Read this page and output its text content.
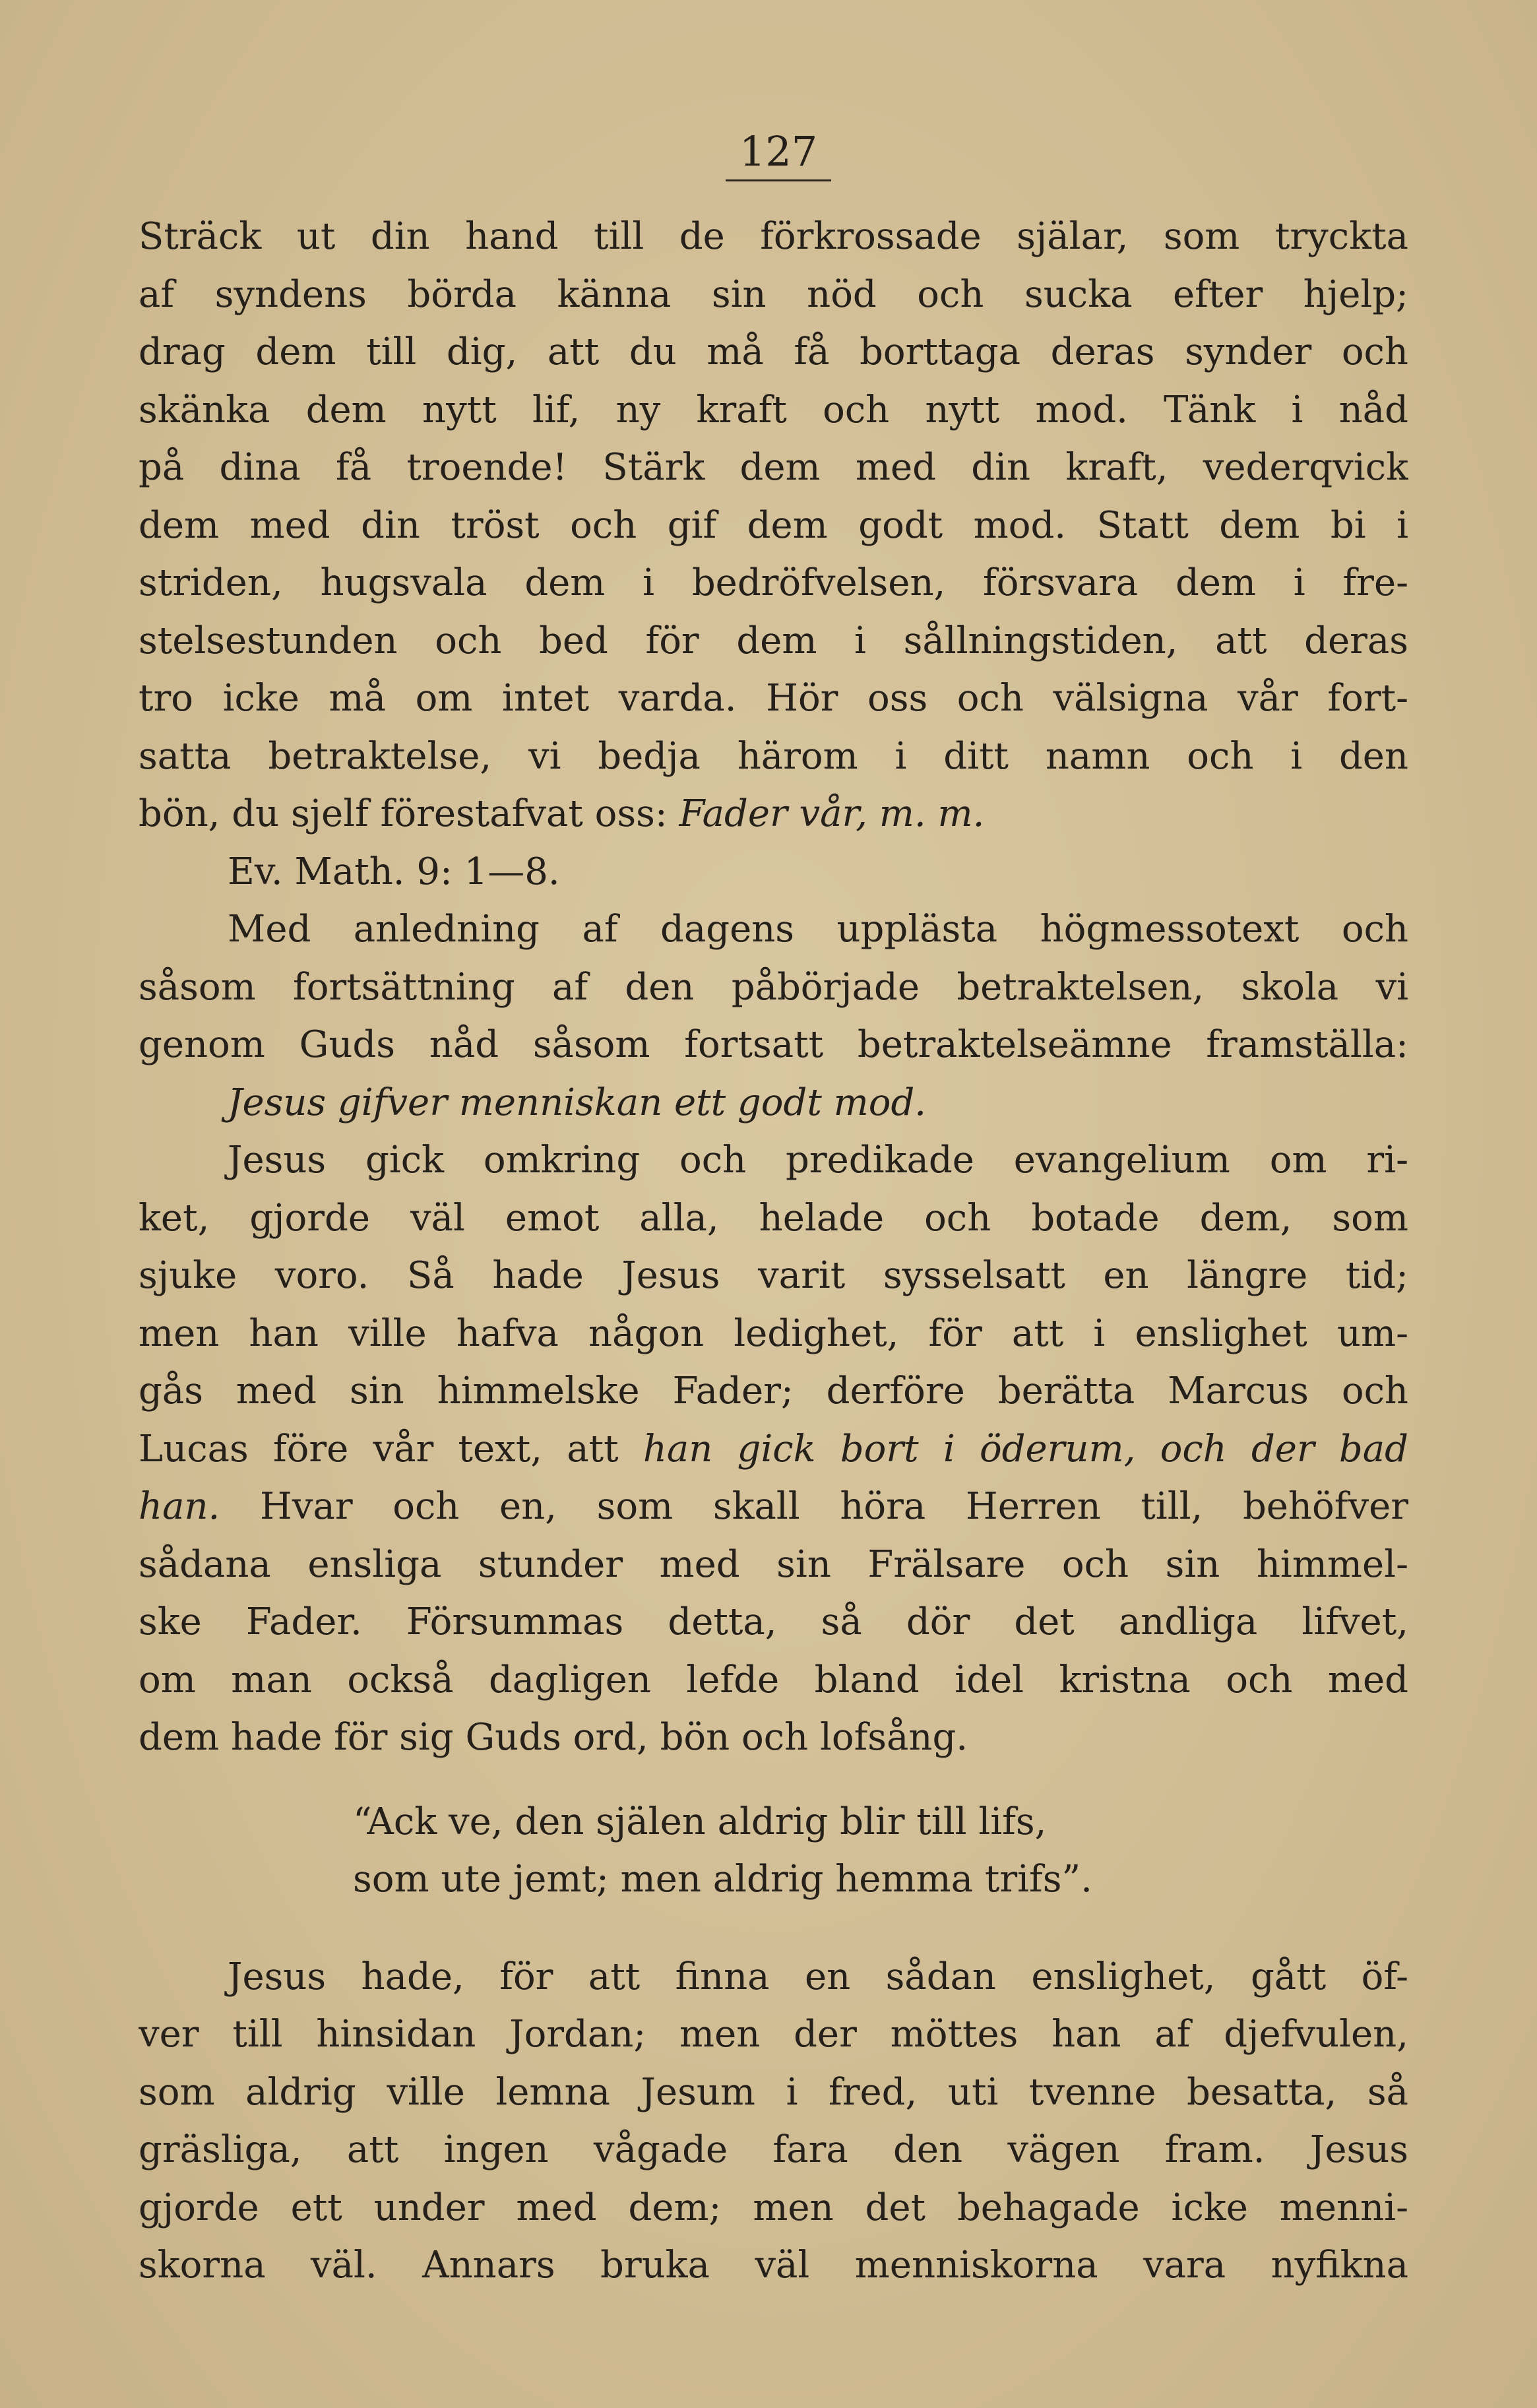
127
Sträck ut din hand till de förkrossade själar, som tryckta
af syndens börda känna sin nöd och sucka efter hjelp;
drag dem till dig, att du må få borttaga deras synder och
skänka dem nytt lif, ny kraft och nytt mod. Tänk i nåd
på dina få troende! Stärk dem med din kraft, vederqvick
dem med din tröst och gif dem godt mod. Statt dem bi i
striden, hugsvala dem i bedröfvelsen, försvara dem i fre-
stelsestunden och bed för dem i sållningstiden, att deras
tro icke må om intet varda. Hör oss och välsigna vår fort-
satta betraktelse, vi bedja härom i ditt namn och i den
bön, du sjelf förestafvat oss: Fader vår, m. m.
Ev. Math. 9: 1—8.
Med anledning af dagens upplästa högmessotext och
såsom fortsättning af den påbörjade betraktelsen, skola vi
genom Guds nåd såsom fortsatt betraktelseämne framställa:
Jesus gifver menniskan ett godt mod.
Jesus gick omkring och predikade evangelium om ri-
ket, gjorde väl emot alla, helade och botade dem, som
sjuke voro. Så hade Jesus varit sysselsatt en längre tid;
men han ville hafva någon ledighet, för att i enslighet um-
gås med sin himmelske Fader; derföre berätta Marcus och
Lucas före vår text, att han gick bort i öderum, och der bad
han. Hvar och en, som skall höra Herren till, behöfver
sådana ensliga stunder med sin Frälsare och sin himmel-
ske Fader. Försummas detta, så dör det andliga lifvet,
om man också dagligen lefde bland idel kristna och med
dem hade för sig Guds ord, bön och lofsång.
“Ack ve, den själen aldrig blir till lifs,
som ute jemt; men aldrig hemma trifs”.
Jesus hade, för att finna en sådan enslighet, gått öf-
ver till hinsidan Jordan; men der möttes han af djefvulen,
som aldrig ville lemna Jesum i fred, uti tvenne besatta, så
gräsliga, att ingen vågade fara den vägen fram. Jesus
gjorde ett under med dem; men det behagade icke menni-
skorna väl. Annars bruka väl menniskorna vara nyfikna
